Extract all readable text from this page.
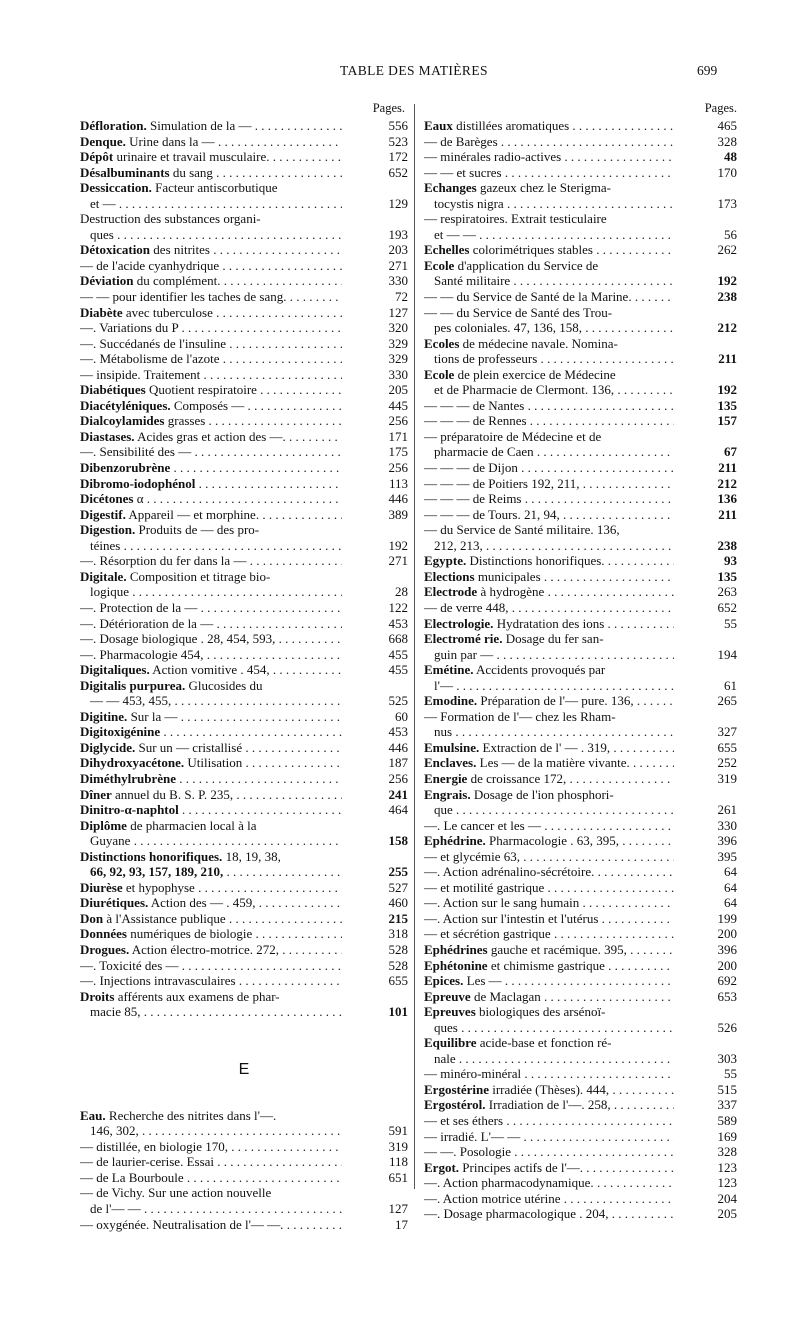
TABLE DES MATIÈRES	699
Pages.
Défloration. Simulation de la — . . . .	556
Denque. Urine dans la — . . .	523
Dépôt urinaire et travail musculaire. . . .	172
Désalbuminants du sang . . .	652
Dessiccation. Facteur antiscorbutique
et — . . .	129
Destruction des substances organi-
ques . . .	193
Détoxication des nitrites . . .	203
— de l'acide cyanhydrique . . .	271
Déviation du complément. . . .	330
— — pour identifier les taches de sang. . . .	72
Diabète avec tuberculose . . .	127
—. Variations du P . . .	320
—. Succédanés de l'insuline . . .	329
—. Métabolisme de l'azote . . .	329
— insipide. Traitement . . .	330
Diabétiques Quotient respiratoire . . . .	205
Diacétyléniques. Composés — . . . .	445
Dialcoylamides grasses . . .	256
Diastases. Acides gras et action des —. . . .	171
—. Sensibilité des — . . .	175
Dibenzorubrène . . .	256
Dibromo-iodophénol . . .	113
Dicétones α . . .	446
Digestif. Appareil — et morphine. . . .	389
Digestion. Produits de — des pro-
téines . . .	192
—. Résorption du fer dans la — . . .	271
Digitale. Composition et titrage bio-
logique . . .	28
—. Protection de la — . . .	122
—. Détérioration de la — . . .	453
—. Dosage biologique . 28, 454, 593, . . .	668
—. Pharmacologie 454, . . .	455
Digitaliques. Action vomitive . 454, . . .	455
Digitalis purpurea. Glucosides du
— — 453, 455, . . .	525
Digitine. Sur la — . . .	60
Digitoxigénine . . .	453
Diglycide. Sur un — cristallisé . . .	446
Dihydroxyacétone. Utilisation . . .	187
Diméthylrubrène . . .	256
Dîner annuel du B. S. P. 235, . . .	241
Dinitro-α-naphtol . . .	464
Diplôme de pharmacien local à la
Guyane . . .	158
Distinctions honorifiques. 18, 19, 38,
66, 92, 93, 157, 189, 210, . . .	255
Diurèse et hypophyse . . .	527
Diurétiques. Action des — . 459, . . .	460
Don à l'Assistance publique . . .	215
Données numériques de biologie . . . .	318
Drogues. Action électro-motrice. 272, . . .	528
—. Toxicité des — . . .	528
—. Injections intravasculaires . . .	655
Droits afférents aux examens de phar-
macie 85, . . .	101
E
Eau. Recherche des nitrites dans l'—.
146, 302, . . .	591
— distillée, en biologie 170, . . .	319
— de laurier-cerise. Essai . . .	118
— de La Bourboule . . .	651
— de Vichy. Sur une action nouvelle
de l'— — . . .	127
— oxygénée. Neutralisation de l'— —. . . .	17
Pages.
Eaux distillées aromatiques . . .	465
— de Barèges . . .	328
— minérales radio-actives . . .	48
— — et sucres . . .	170
Echanges gazeux chez le Sterigma-
tocystis nigra . . .	173
— respiratoires. Extrait testiculaire
et — — . . .	56
Echelles colorimétriques stables . . .	262
Ecole d'application du Service de
Santé militaire . . .	192
— — du Service de Santé de la Marine. . . .	238
— — du Service de Santé des Trou-
pes coloniales. 47, 136, 158, . . .	212
Ecoles de médecine navale. Nomina-
tions de professeurs . . .	211
Ecole de plein exercice de Médecine
et de Pharmacie de Clermont. 136, . . .	192
— — — de Nantes . . .	135
— — — de Rennes . . .	157
— préparatoire de Médecine et de
pharmacie de Caen . . .	67
— — — de Dijon . . .	211
— — — de Poitiers 192, 211, . . .	212
— — — de Reims . . .	136
— — — de Tours. 21, 94, . . .	211
— du Service de Santé militaire. 136,
212, 213, . . .	238
Egypte. Distinctions honorifiques. . . .	93
Elections municipales . . .	135
Electrode à hydrogène . . .	263
— de verre 448, . . .	652
Electrologie. Hydratation des ions . . .	55
Electromé rie. Dosage du fer san-
guin par — . . .	194
Emétine. Accidents provoqués par
l'— . . .	61
Emodine. Préparation de l'— pure. 136, . . .	265
— Formation de l'— chez les Rham-
nus . . .	327
Emulsine. Extraction de l' — . 319, . . .	655
Enclaves. Les — de la matière vivante. . . .	252
Energie de croissance 172, . . .	319
Engrais. Dosage de l'ion phosphori-
que . . .	261
—. Le cancer et les — . . .	330
Ephédrine. Pharmacologie . 63, 395, . . .	396
— et glycémie 63, . . .	395
—. Action adrénalino-sécrétoire. . . .	64
— et motilité gastrique . . .	64
—. Action sur le sang humain . . .	64
—. Action sur l'intestin et l'utérus . . .	199
— et sécrétion gastrique . . .	200
Ephédrines gauche et racémique. 395, . . .	396
Ephétonine et chimisme gastrique . . .	200
Epices. Les — . . .	692
Epreuve de Maclagan . . .	653
Epreuves biologiques des arsénoï-
ques . . .	526
Equilibre acide-base et fonction ré-
nale . . .	303
— minéro-minéral . . .	55
Ergostérine irradiée (Thèses). 444, . . .	515
Ergostérol. Irradiation de l'—. 258, . . .	337
— et ses éthers . . .	589
— irradié. L'— — . . .	169
— —. Posologie . . .	328
Ergot. Principes actifs de l'—. . . .	123
—. Action pharmacodynamique. . . .	123
—. Action motrice utérine . . .	204
—. Dosage pharmacologique . 204, . . .	205
